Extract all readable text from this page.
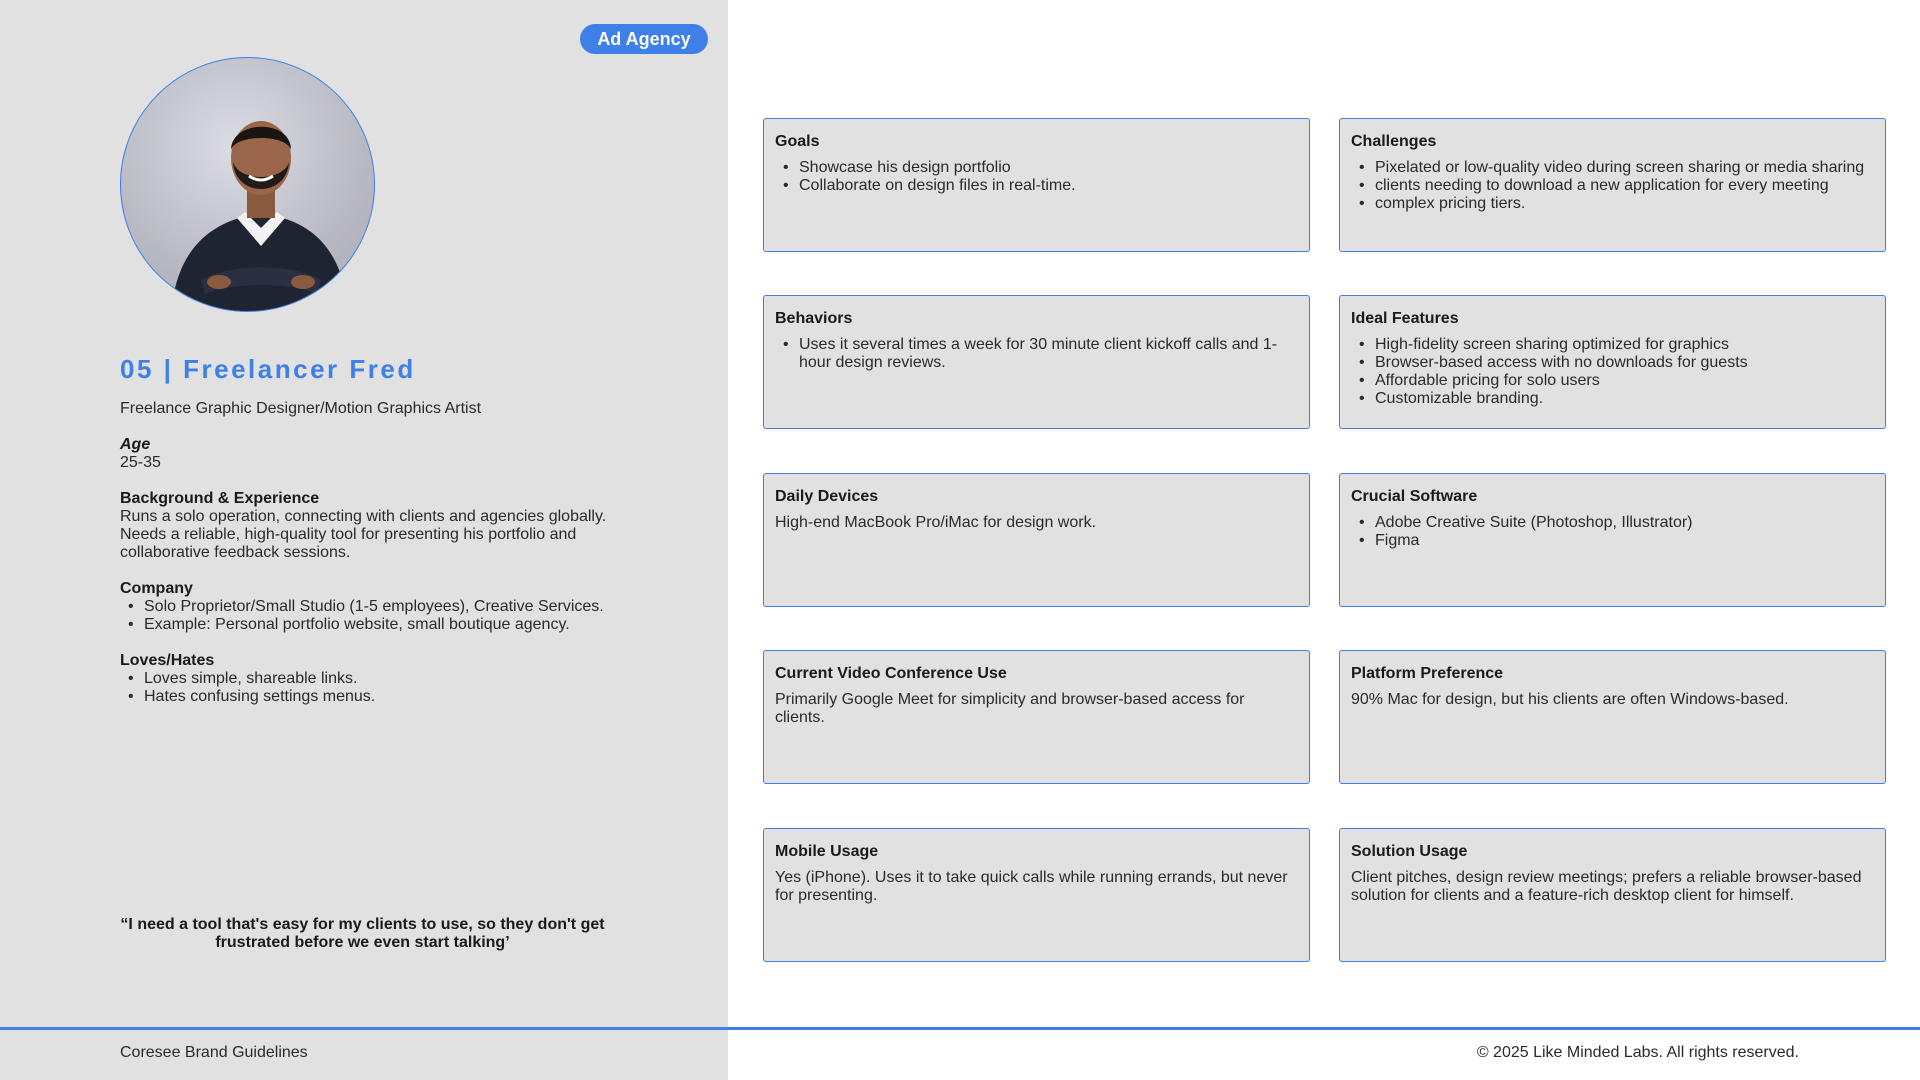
Ad Agency
05 | Freelancer Fred
Freelance Graphic Designer/Motion Graphics Artist
Age
25-35
Background & Experience
Runs a solo operation, connecting with clients and agencies globally. Needs a reliable, high-quality tool for presenting his portfolio and collaborative feedback sessions.
Company
• Solo Proprietor/Small Studio (1-5 employees), Creative Services.
• Example: Personal portfolio website, small boutique agency.
Loves/Hates
• Loves simple, shareable links.
• Hates confusing settings menus.
“I need a tool that's easy for my clients to use, so they don't get frustrated before we even start talking’
Goals
• Showcase his design portfolio
• Collaborate on design files in real-time.
Challenges
• Pixelated or low-quality video during screen sharing or media sharing
• clients needing to download a new application for every meeting
• complex pricing tiers.
Behaviors
• Uses it several times a week for 30 minute client kickoff calls and 1-hour design reviews.
Ideal Features
• High-fidelity screen sharing optimized for graphics
• Browser-based access with no downloads for guests
• Affordable pricing for solo users
• Customizable branding.
Daily Devices
High-end MacBook Pro/iMac for design work.
Crucial Software
• Adobe Creative Suite (Photoshop, Illustrator)
• Figma
Current Video Conference Use
Primarily Google Meet for simplicity and browser-based access for clients.
Platform Preference
90% Mac for design, but his clients are often Windows-based.
Mobile Usage
Yes (iPhone). Uses it to take quick calls while running errands, but never for presenting.
Solution Usage
Client pitches, design review meetings; prefers a reliable browser-based solution for clients and a feature-rich desktop client for himself.
Coresee Brand Guidelines	© 2025 Like Minded Labs. All rights reserved.
